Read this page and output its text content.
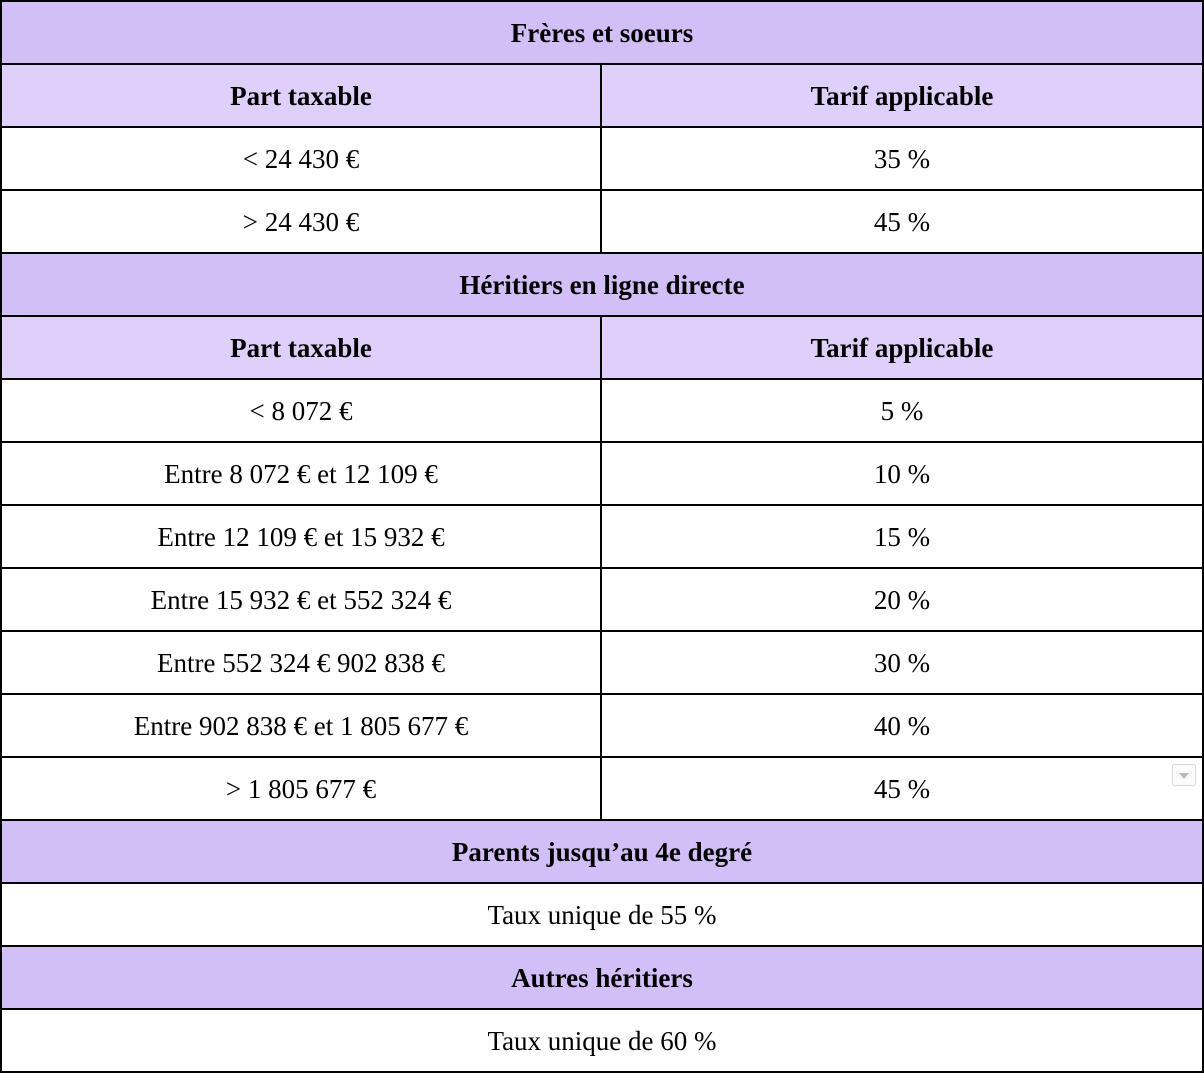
Frères et soeurs	
Part taxable	Tarif applicable
< 24 430 €	35 %
> 24 430 €	45 %
Héritiers en ligne directe	
Part taxable	Tarif applicable
< 8 072 €	5 %
Entre 8 072 € et 12 109 €	10 %
Entre 12 109 € et 15 932 €	15 %
Entre 15 932 € et 552 324 €	20 %
Entre 552 324 € 902 838 €	30 %
Entre 902 838 € et 1 805 677 €	40 %
> 1 805 677 €	45 %

Parents jusqu’au 4e degré	
Taux unique de 55 %	
Autres héritiers	
Taux unique de 60 %	
